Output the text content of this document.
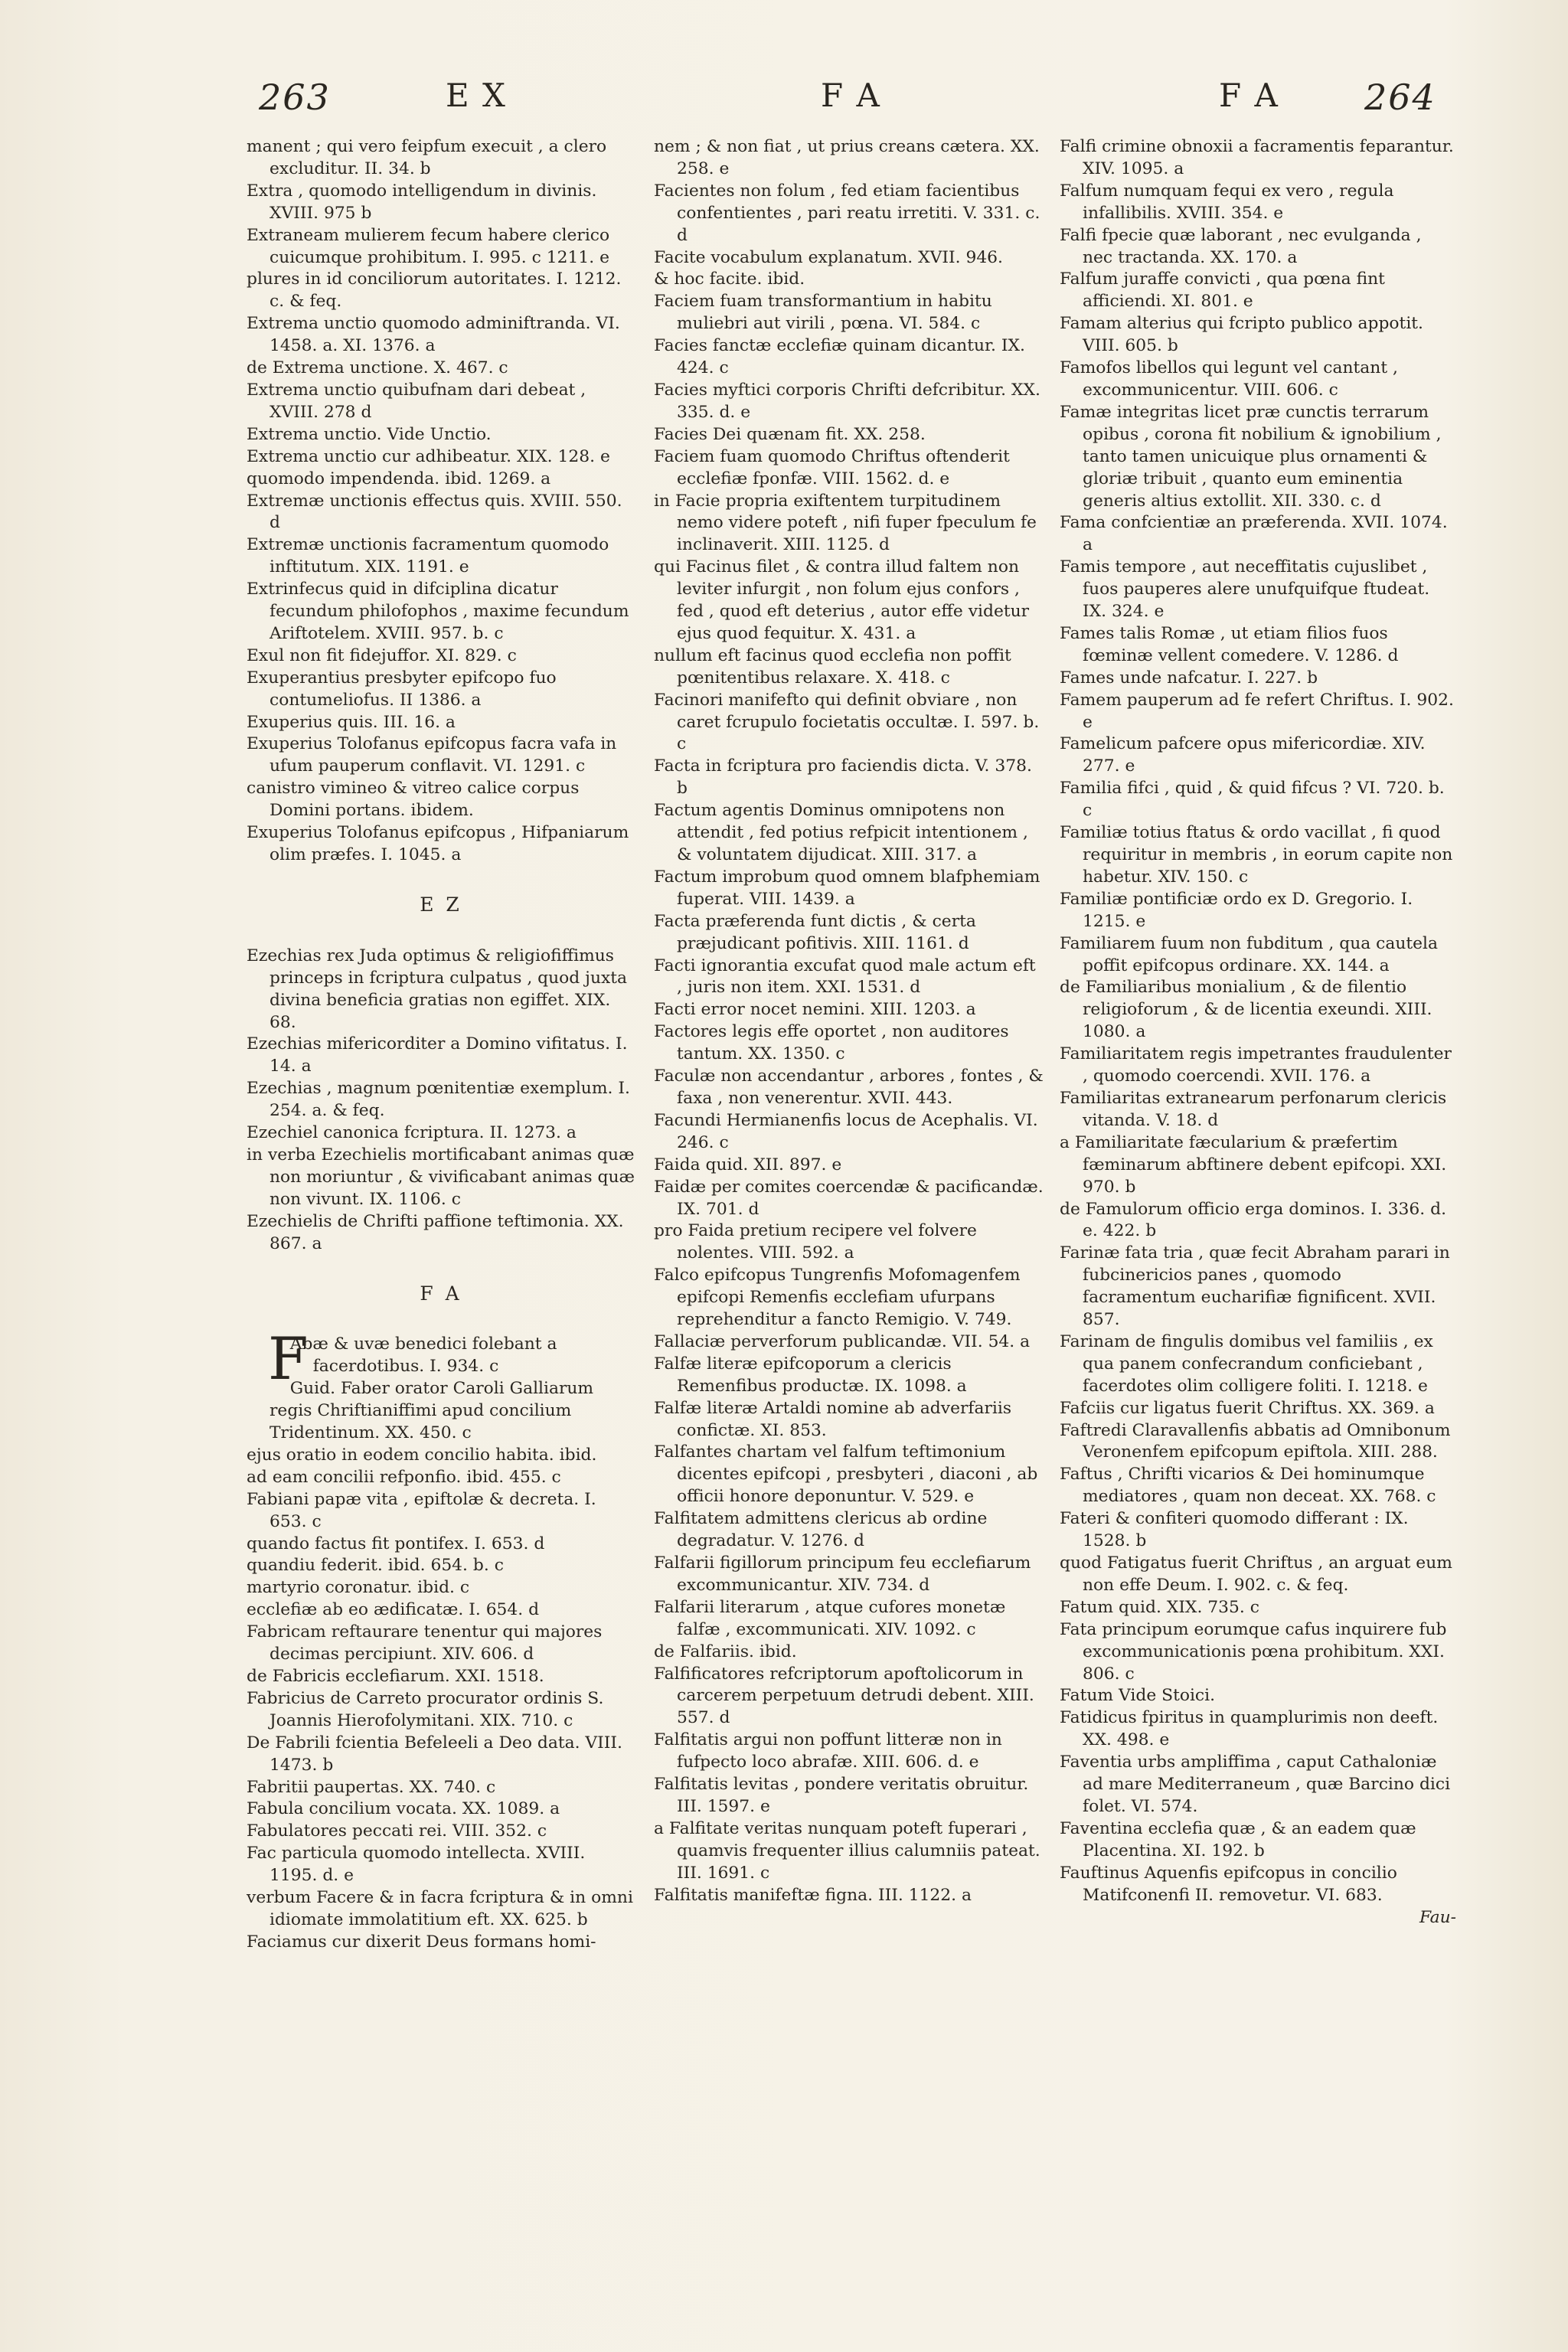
263	E X	F A	F A 264
manent ; qui vero feipfum execuit , a clero excluditur. II. 34. b
Extra , quomodo intelligendum in divinis. XVIII. 975 b
Extraneam mulierem fecum habere clerico cuicumque prohibitum. I. 995. c 1211. e
plures in id conciliorum autoritates. I. 1212. c. & feq.
Extrema unctio quomodo adminiftranda. VI. 1458. a. XI. 1376. a
de Extrema unctione. X. 467. c
Extrema unctio quibufnam dari debeat , XVIII. 278 d
Extrema unctio. Vide Unctio.
Extrema unctio cur adhibeatur. XIX. 128. e
quomodo impendenda. ibid. 1269. a
Extremæ unctionis effectus quis. XVIII. 550. d
Extremæ unctionis facramentum quomodo inftitutum. XIX. 1191. e
Extrinfecus quid in difciplina dicatur fecundum philofophos , maxime fecundum Ariftotelem. XVIII. 957. b. c
Exul non fit fidejuffor. XI. 829. c
Exuperantius presbyter epifcopo fuo contumeliofus. II 1386. a
Exuperius quis. III. 16. a
Exuperius Tolofanus epifcopus facra vafa in ufum pauperum conflavit. VI. 1291. c
canistro vimineo & vitreo calice corpus Domini portans. ibidem.
Exuperius Tolofanus epifcopus , Hifpaniarum olim præfes. I. 1045. a
E Z
Ezechias rex Juda optimus & religiofiffimus princeps in fcriptura culpatus , quod juxta divina beneficia gratias non egiffet. XIX. 68.
Ezechias mifericorditer a Domino vifitatus. I. 14. a
Ezechias , magnum pœnitentiæ exemplum. I. 254. a. & feq.
Ezechiel canonica fcriptura. II. 1273. a
in verba Ezechielis mortificabant animas quæ non moriuntur , & vivificabant animas quæ non vivunt. IX. 1106. c
Ezechielis de Chrifti paffione teftimonia. XX. 867. a
F A
F
Abæ & uvæ benedici folebant a facerdotibus. I. 934. c
Guid. Faber orator Caroli Galliarum regis Chriftianiffimi apud concilium Tridentinum. XX. 450. c
ejus oratio in eodem concilio habita. ibid.
ad eam concilii refponfio. ibid. 455. c
Fabiani papæ vita , epiftolæ & decreta. I. 653. c
quando factus fit pontifex. I. 653. d
quandiu federit. ibid. 654. b. c
martyrio coronatur. ibid. c
ecclefiæ ab eo ædificatæ. I. 654. d
Fabricam reftaurare tenentur qui majores decimas percipiunt. XIV. 606. d
de Fabricis ecclefiarum. XXI. 1518.
Fabricius de Carreto procurator ordinis S. Joannis Hierofolymitani. XIX. 710. c
De Fabrili fcientia Befeleeli a Deo data. VIII. 1473. b
Fabritii paupertas. XX. 740. c
Fabula concilium vocata. XX. 1089. a
Fabulatores peccati rei. VIII. 352. c
Fac particula quomodo intellecta. XVIII. 1195. d. e
verbum Facere & in facra fcriptura & in omni idiomate immolatitium eft. XX. 625. b
Faciamus cur dixerit Deus formans homi-
nem ; & non fiat , ut prius creans cætera. XX. 258. e
Facientes non folum , fed etiam facientibus confentientes , pari reatu irretiti. V. 331. c. d
Facite vocabulum explanatum. XVII. 946.
& hoc facite. ibid.
Faciem fuam transformantium in habitu muliebri aut virili , pœna. VI. 584. c
Facies fanctæ ecclefiæ quinam dicantur. IX. 424. c
Facies myftici corporis Chrifti defcribitur. XX. 335. d. e
Facies Dei quænam fit. XX. 258.
Faciem fuam quomodo Chriftus oftenderit ecclefiæ fponfæ. VIII. 1562. d. e
in Facie propria exiftentem turpitudinem nemo videre poteft , nifi fuper fpeculum fe inclinaverit. XIII. 1125. d
qui Facinus filet , & contra illud faltem non leviter infurgit , non folum ejus confors , fed , quod eft deterius , autor effe videtur ejus quod fequitur. X. 431. a
nullum eft facinus quod ecclefia non poffit pœnitentibus relaxare. X. 418. c
Facinori manifefto qui definit obviare , non caret fcrupulo focietatis occultæ. I. 597. b. c
Facta in fcriptura pro faciendis dicta. V. 378. b
Factum agentis Dominus omnipotens non attendit , fed potius refpicit intentionem , & voluntatem dijudicat. XIII. 317. a
Factum improbum quod omnem blafphemiam fuperat. VIII. 1439. a
Facta præferenda funt dictis , & certa præjudicant pofitivis. XIII. 1161. d
Facti ignorantia excufat quod male actum eft , juris non item. XXI. 1531. d
Facti error nocet nemini. XIII. 1203. a
Factores legis effe oportet , non auditores tantum. XX. 1350. c
Faculæ non accendantur , arbores , fontes , & faxa , non venerentur. XVII. 443.
Facundi Hermianenfis locus de Acephalis. VI. 246. c
Faida quid. XII. 897. e
Faidæ per comites coercendæ & pacificandæ. IX. 701. d
pro Faida pretium recipere vel folvere nolentes. VIII. 592. a
Falco epifcopus Tungrenfis Mofomagenfem epifcopi Remenfis ecclefiam ufurpans reprehenditur a fancto Remigio. V. 749.
Fallaciæ perverforum publicandæ. VII. 54. a
Falfæ literæ epifcoporum a clericis Remenfibus productæ. IX. 1098. a
Falfæ literæ Artaldi nomine ab adverfariis confictæ. XI. 853.
Falfantes chartam vel falfum teftimonium dicentes epifcopi , presbyteri , diaconi , ab officii honore deponuntur. V. 529. e
Falfitatem admittens clericus ab ordine degradatur. V. 1276. d
Falfarii figillorum principum feu ecclefiarum excommunicantur. XIV. 734. d
Falfarii literarum , atque cufores monetæ falfæ , excommunicati. XIV. 1092. c
de Falfariis. ibid.
Falfificatores refcriptorum apoftolicorum in carcerem perpetuum detrudi debent. XIII. 557. d
Falfitatis argui non poffunt litteræ non in fufpecto loco abrafæ. XIII. 606. d. e
Falfitatis levitas , pondere veritatis obruitur. III. 1597. e
a Falfitate veritas nunquam poteft fuperari , quamvis frequenter illius calumniis pateat. III. 1691. c
Falfitatis manifeftæ figna. III. 1122. a
Falfi crimine obnoxii a facramentis feparantur. XIV. 1095. a
Falfum numquam fequi ex vero , regula infallibilis. XVIII. 354. e
Falfi fpecie quæ laborant , nec evulganda , nec tractanda. XX. 170. a
Falfum juraffe convicti , qua pœna fint afficiendi. XI. 801. e
Famam alterius qui fcripto publico appotit. VIII. 605. b
Famofos libellos qui legunt vel cantant , excommunicentur. VIII. 606. c
Famæ integritas licet præ cunctis terrarum opibus , corona fit nobilium & ignobilium , tanto tamen unicuique plus ornamenti & gloriæ tribuit , quanto eum eminentia generis altius extollit. XII. 330. c. d
Fama confcientiæ an præferenda. XVII. 1074. a
Famis tempore , aut neceffitatis cujuslibet , fuos pauperes alere unufquifque ftudeat. IX. 324. e
Fames talis Romæ , ut etiam filios fuos fœminæ vellent comedere. V. 1286. d
Fames unde nafcatur. I. 227. b
Famem pauperum ad fe refert Chriftus. I. 902. e
Famelicum pafcere opus mifericordiæ. XIV. 277. e
Familia fifci , quid , & quid fifcus ? VI. 720. b. c
Familiæ totius ftatus & ordo vacillat , fi quod requiritur in membris , in eorum capite non habetur. XIV. 150. c
Familiæ pontificiæ ordo ex D. Gregorio. I. 1215. e
Familiarem fuum non fubditum , qua cautela poffit epifcopus ordinare. XX. 144. a
de Familiaribus monialium , & de filentio religioforum , & de licentia exeundi. XIII. 1080. a
Familiaritatem regis impetrantes fraudulenter , quomodo coercendi. XVII. 176. a
Familiaritas extranearum perfonarum clericis vitanda. V. 18. d
a Familiaritate fæcularium & præfertim fæminarum abftinere debent epifcopi. XXI. 970. b
de Famulorum officio erga dominos. I. 336. d. e. 422. b
Farinæ fata tria , quæ fecit Abraham parari in fubcinericios panes , quomodo facramentum eucharifiæ fignificent. XVII. 857.
Farinam de fingulis domibus vel familiis , ex qua panem confecrandum conficiebant , facerdotes olim colligere foliti. I. 1218. e
Fafciis cur ligatus fuerit Chriftus. XX. 369. a
Faftredi Claravallenfis abbatis ad Omnibonum Veronenfem epifcopum epiftola. XIII. 288.
Faftus , Chrifti vicarios & Dei hominumque mediatores , quam non deceat. XX. 768. c
Fateri & confiteri quomodo differant : IX. 1528. b
quod Fatigatus fuerit Chriftus , an arguat eum non effe Deum. I. 902. c. & feq.
Fatum quid. XIX. 735. c
Fata principum eorumque cafus inquirere fub excommunicationis pœna prohibitum. XXI. 806. c
Fatum Vide Stoici.
Fatidicus fpiritus in quamplurimis non deeft. XX. 498. e
Faventia urbs ampliffima , caput Cathaloniæ ad mare Mediterraneum , quæ Barcino dici folet. VI. 574.
Faventina ecclefia quæ , & an eadem quæ Placentina. XI. 192. b
Fauftinus Aquenfis epifcopus in concilio Matifconenfi II. removetur. VI. 683.
Fau-
